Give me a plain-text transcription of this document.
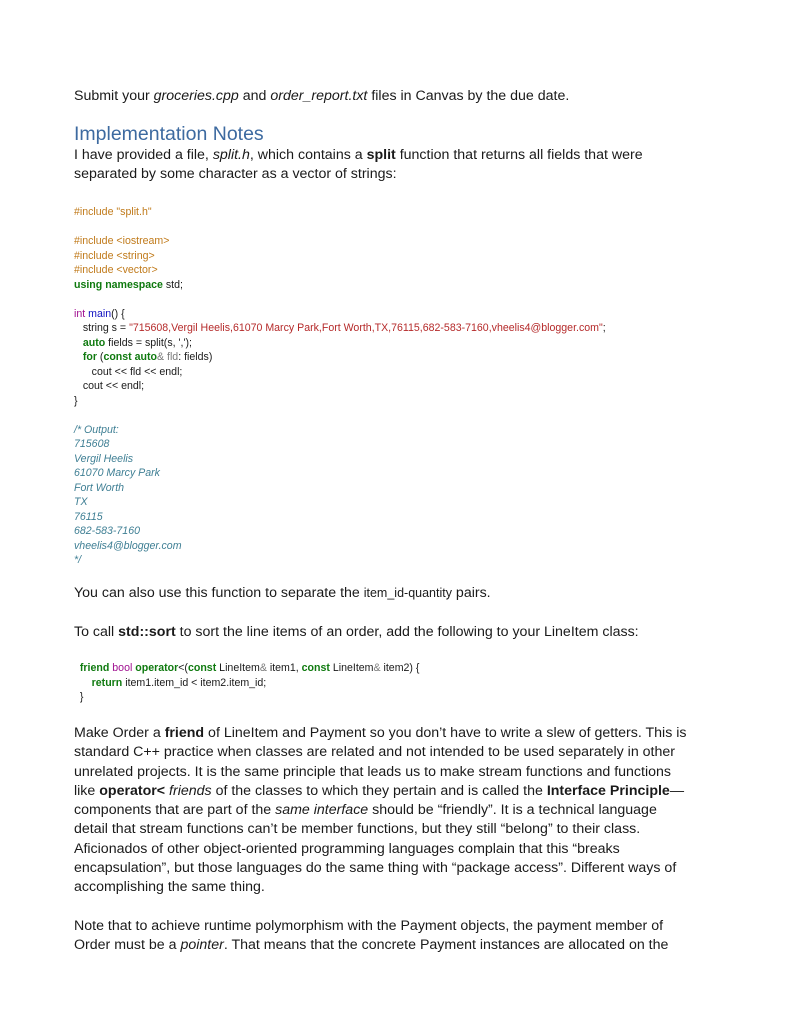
Submit your groceries.cpp and order_report.txt files in Canvas by the due date.

Implementation Notes

I have provided a file, split.h, which contains a split function that returns all fields that were
separated by some character as a vector of strings:

#include "split.h"

#include <iostream>

#include <string>

#include <vector>

using namespace std;

int main() {

string s = "715608,Vergil Heelis,61070 Marcy Park,Fort Worth,TX,76115,682-583-7160,vheelis4@blogger.com";

auto fields = split(s, ',');

for (const auto& fld: fields)

cout << fld << endl;

cout << endl;

}

/* Output:

715608

Vergil Heelis

61070 Marcy Park

Fort Worth

TX

76115

682-583-7160

vheelis4@blogger.com

*/

You can also use this function to separate the item_id-quantity pairs.

To call std::sort to sort the line items of an order, add the following to your LineItem class:

friend bool operator<(const LineItem& item1, const LineItem& item2) {

return item1.item_id < item2.item_id;

}

Make Order a friend of LineItem and Payment so you don’t have to write a slew of getters. This is
standard C++ practice when classes are related and not intended to be used separately in other
unrelated projects. It is the same principle that leads us to make stream functions and functions
like operator< friends of the classes to which they pertain and is called the Interface Principle—
components that are part of the same interface should be “friendly”. It is a technical language
detail that stream functions can’t be member functions, but they still “belong” to their class.
Aficionados of other object-oriented programming languages complain that this “breaks
encapsulation”, but those languages do the same thing with “package access”. Different ways of
accomplishing the same thing.

Note that to achieve runtime polymorphism with the Payment objects, the payment member of
Order must be a pointer. That means that the concrete Payment instances are allocated on the
